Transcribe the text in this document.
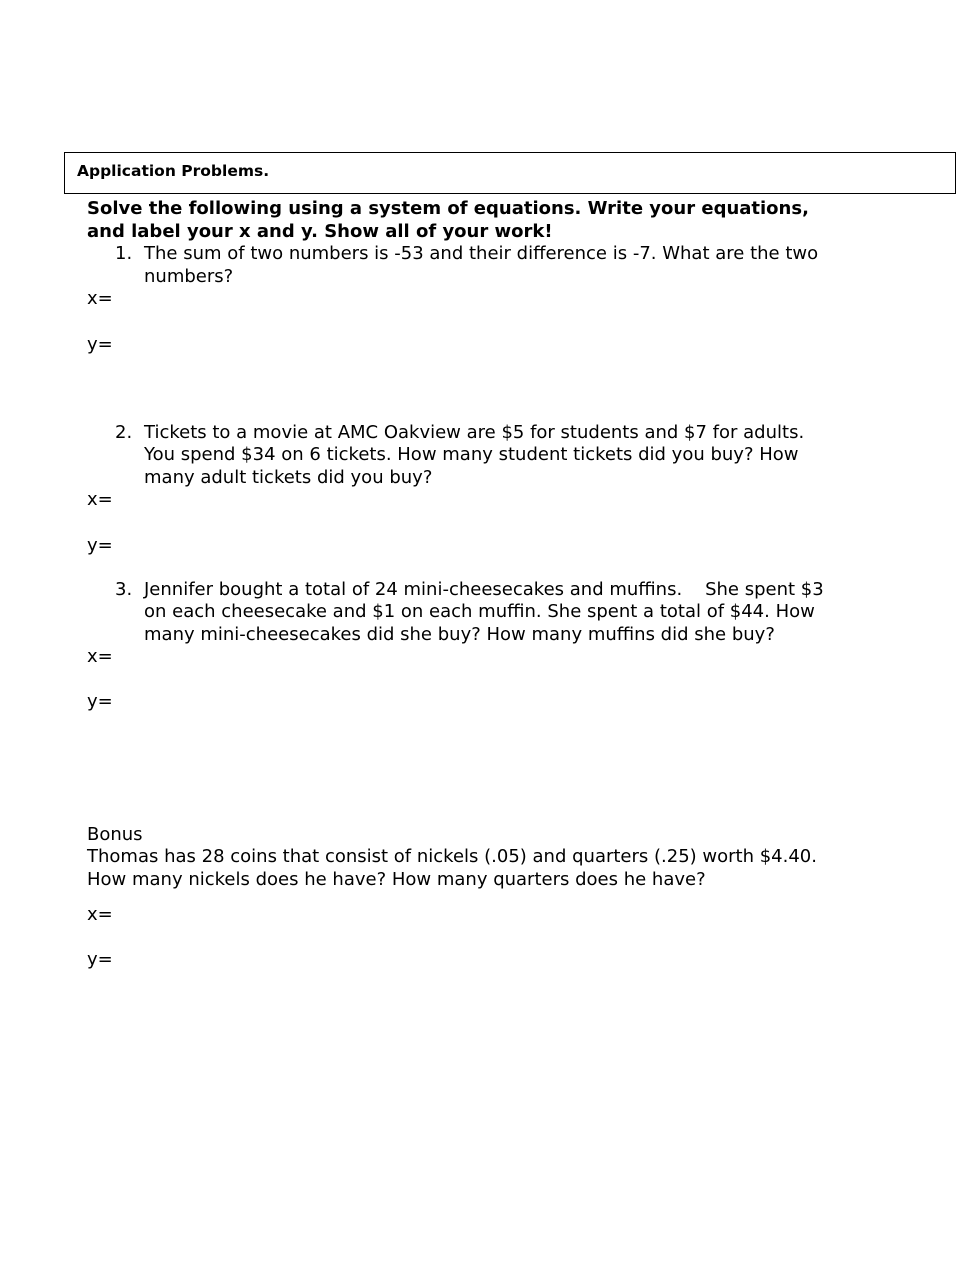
Application Problems.
Solve the following using a system of equations. Write your equations,
and label your x and y. Show all of your work!
1. The sum of two numbers is -53 and their difference is -7. What are the two
numbers?
x=
y=
2. Tickets to a movie at AMC Oakview are $5 for students and $7 for adults.
You spend $34 on 6 tickets. How many student tickets did you buy? How
many adult tickets did you buy?
x=
y=
3. Jennifer bought a total of 24 mini-cheesecakes and muffins.    She spent $3
on each cheesecake and $1 on each muffin. She spent a total of $44. How
many mini-cheesecakes did she buy? How many muffins did she buy?
x=
y=
Bonus
Thomas has 28 coins that consist of nickels (.05) and quarters (.25) worth $4.40.
How many nickels does he have? How many quarters does he have?
x=
y=
